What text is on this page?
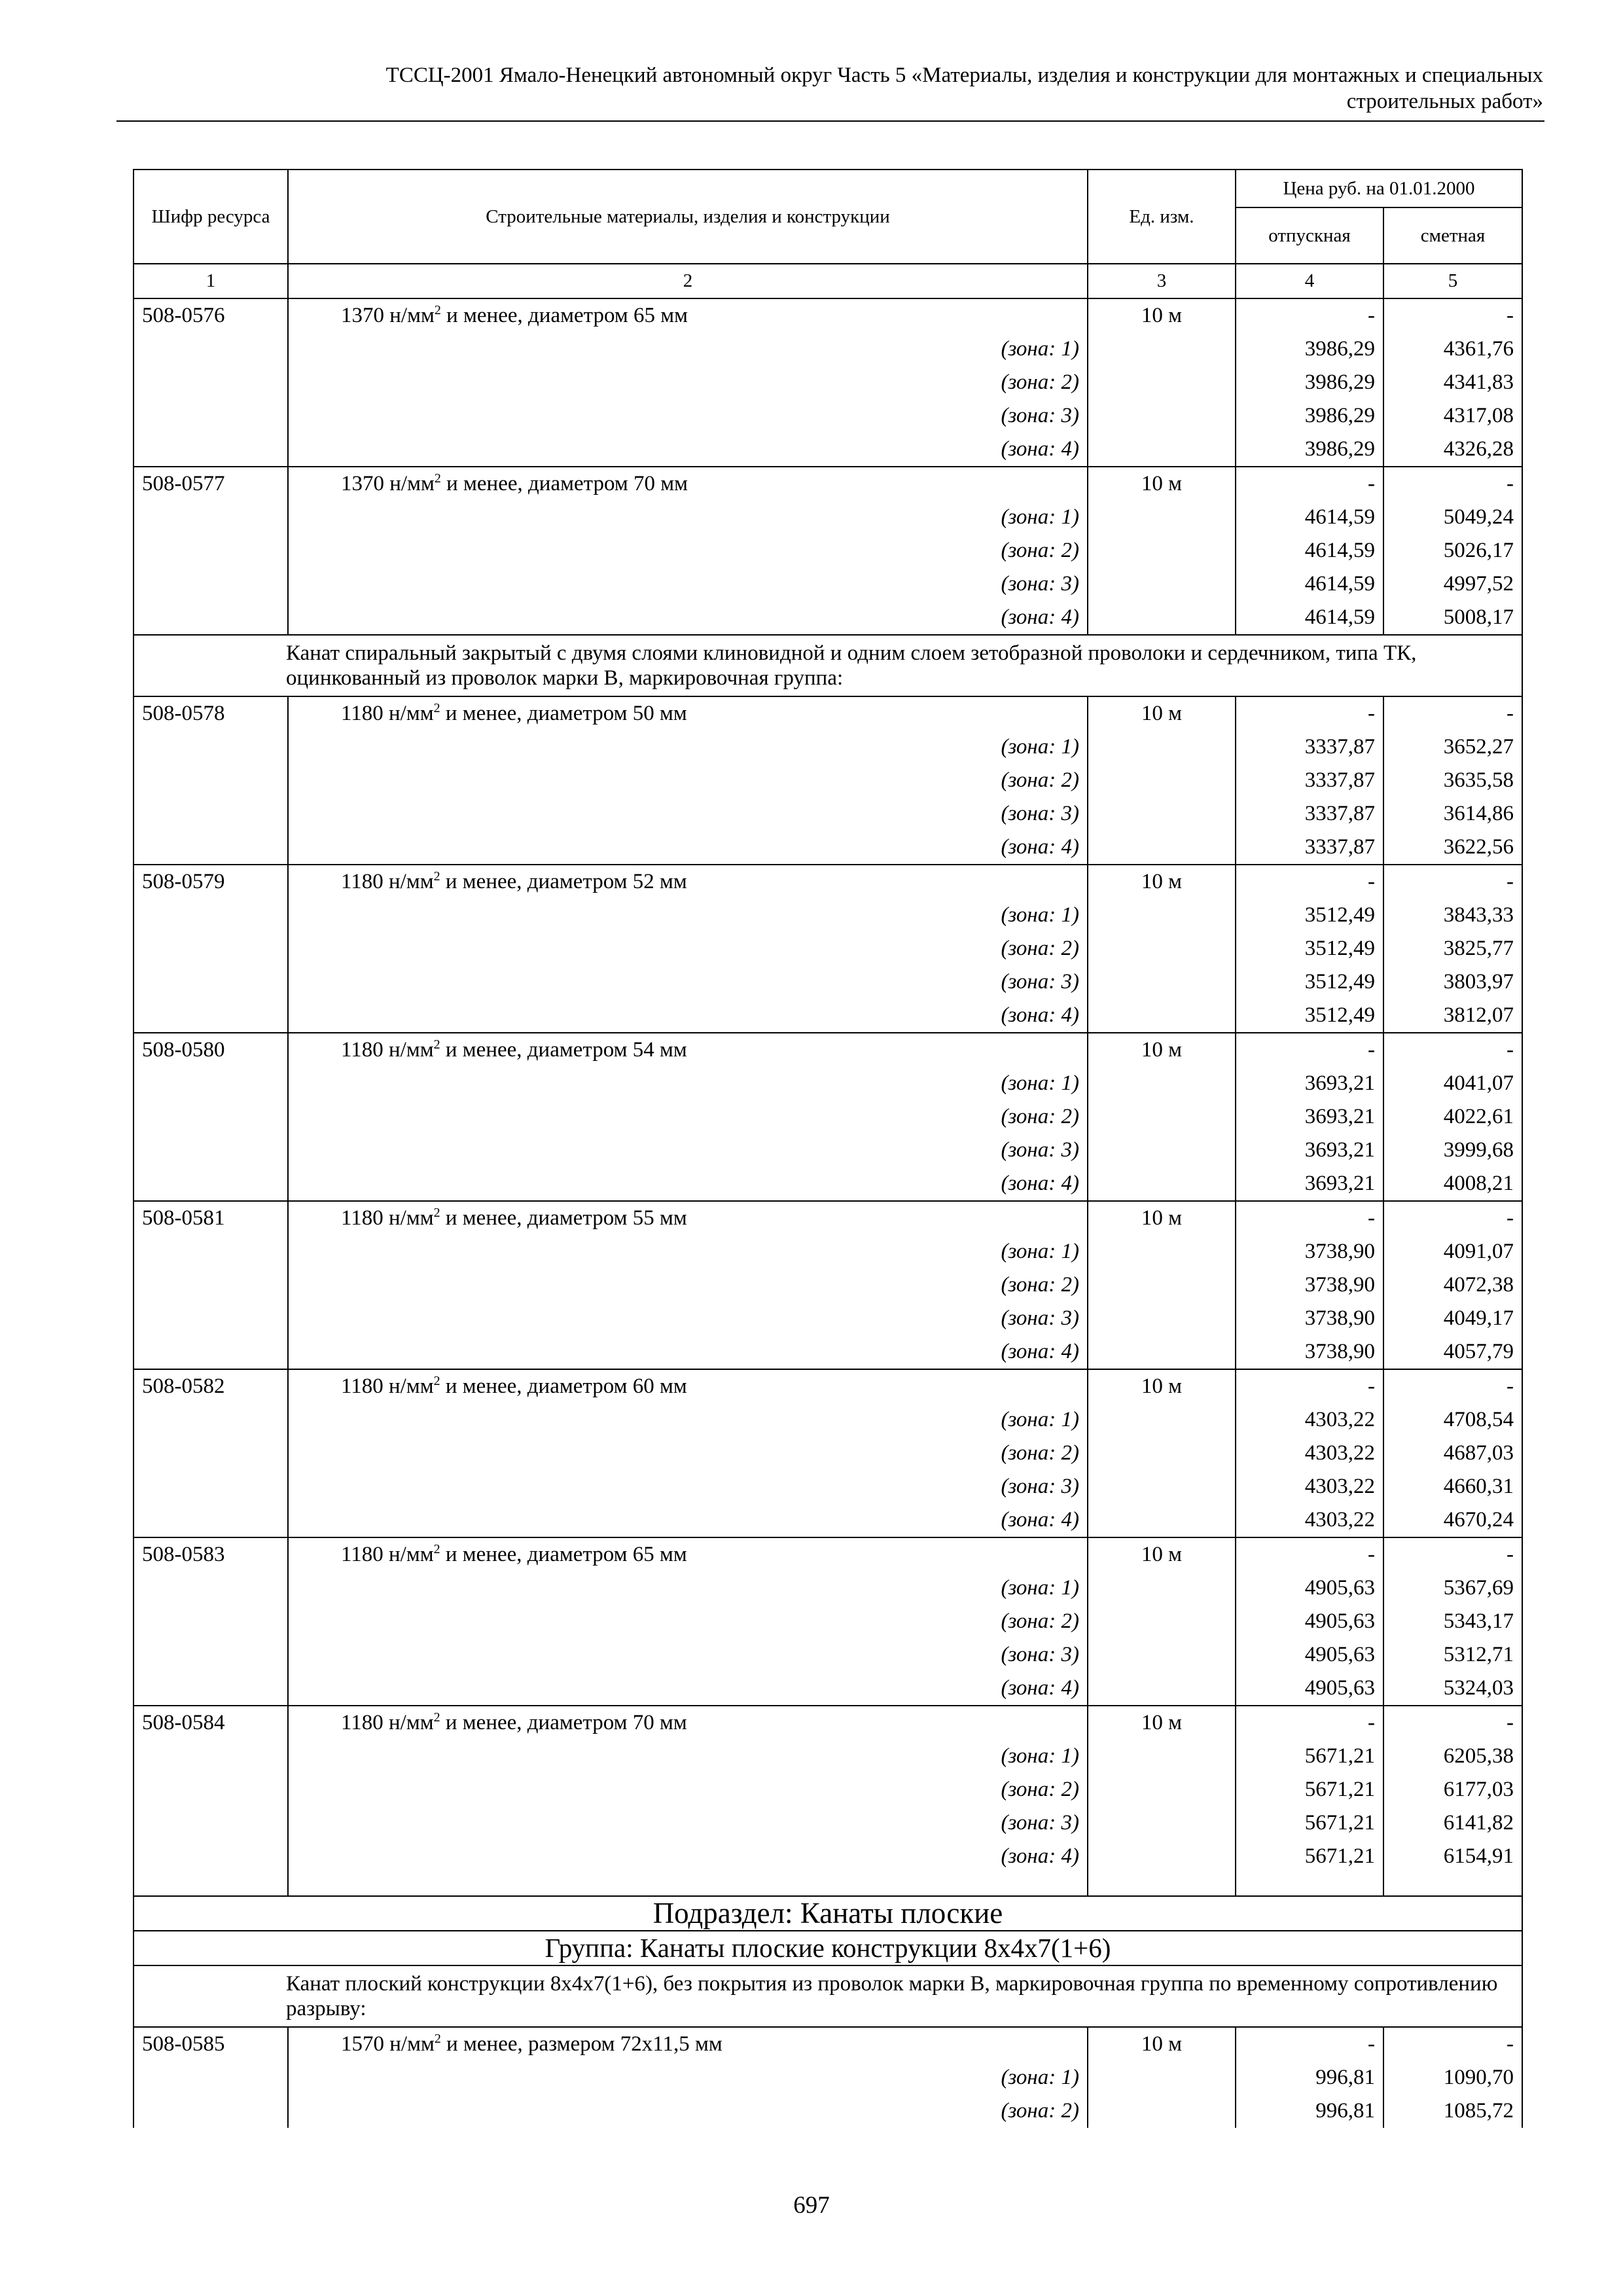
ТССЦ-2001 Ямало-Ненецкий автономный округ Часть 5 «Материалы, изделия и конструкции для монтажных и специальных
строительных работ»
Шифр ресурса	Строительные материалы, изделия и конструкции	Ед. изм.	Цена руб. на 01.01.2000	
			отпускная	сметная
1	2	3	4	5
508-0576	1370 $н/мм^2$ и менее, диаметром 65 мм	10 м	-	-
	(зона: 1)		3986,29	4361,76
	(зона: 2)		3986,29	4341,83
	(зона: 3)		3986,29	4317,08
	(зона: 4)		3986,29	4326,28
508-0577	1370 $н/мм^2$ и менее, диаметром 70 мм	10 м	-	-
	(зона: 1)		4614,59	5049,24
	(зона: 2)		4614,59	5026,17
	(зона: 3)		4614,59	4997,52
	(зона: 4)		4614,59	5008,17
Канат спиральный закрытый с двумя слоями клиновидной и одним слоем зетобразной проволоки и сердечником, типа ТК, оцинкованный из проволок марки В, маркировочная группа:				
508-0578	1180 $н/мм^2$ и менее, диаметром 50 мм	10 м	-	-
	(зона: 1)		3337,87	3652,27
	(зона: 2)		3337,87	3635,58
	(зона: 3)		3337,87	3614,86
	(зона: 4)		3337,87	3622,56
508-0579	1180 $н/мм^2$ и менее, диаметром 52 мм	10 м	-	-
	(зона: 1)		3512,49	3843,33
	(зона: 2)		3512,49	3825,77
	(зона: 3)		3512,49	3803,97
	(зона: 4)		3512,49	3812,07
508-0580	1180 $н/мм^2$ и менее, диаметром 54 мм	10 м	-	-
	(зона: 1)		3693,21	4041,07
	(зона: 2)		3693,21	4022,61
	(зона: 3)		3693,21	3999,68
	(зона: 4)		3693,21	4008,21
508-0581	1180 $н/мм^2$ и менее, диаметром 55 мм	10 м	-	-
	(зона: 1)		3738,90	4091,07
	(зона: 2)		3738,90	4072,38
	(зона: 3)		3738,90	4049,17
	(зона: 4)		3738,90	4057,79
508-0582	1180 $н/мм^2$ и менее, диаметром 60 мм	10 м	-	-
	(зона: 1)		4303,22	4708,54
	(зона: 2)		4303,22	4687,03
	(зона: 3)		4303,22	4660,31
	(зона: 4)		4303,22	4670,24
508-0583	1180 $н/мм^2$ и менее, диаметром 65 мм	10 м	-	-
	(зона: 1)		4905,63	5367,69
	(зона: 2)		4905,63	5343,17
	(зона: 3)		4905,63	5312,71
	(зона: 4)		4905,63	5324,03
508-0584	1180 $н/мм^2$ и менее, диаметром 70 мм	10 м	-	-
	(зона: 1)		5671,21	6205,38
	(зона: 2)		5671,21	6177,03
	(зона: 3)		5671,21	6141,82
	(зона: 4)		5671,21	6154,91

Подраздел: Канаты плоские				
Группа: Канаты плоские конструкции 8x4x7(1+6)				
Канат плоский конструкции 8x4x7(1+6), без покрытия из проволок марки В, маркировочная группа по временному сопротивлению разрыву:				
508-0585	1570 $н/мм^2$ и менее, размером 72x11,5 мм	10 м	-	-
	(зона: 1)		996,81	1090,70
	(зона: 2)		996,81	1085,72
697
